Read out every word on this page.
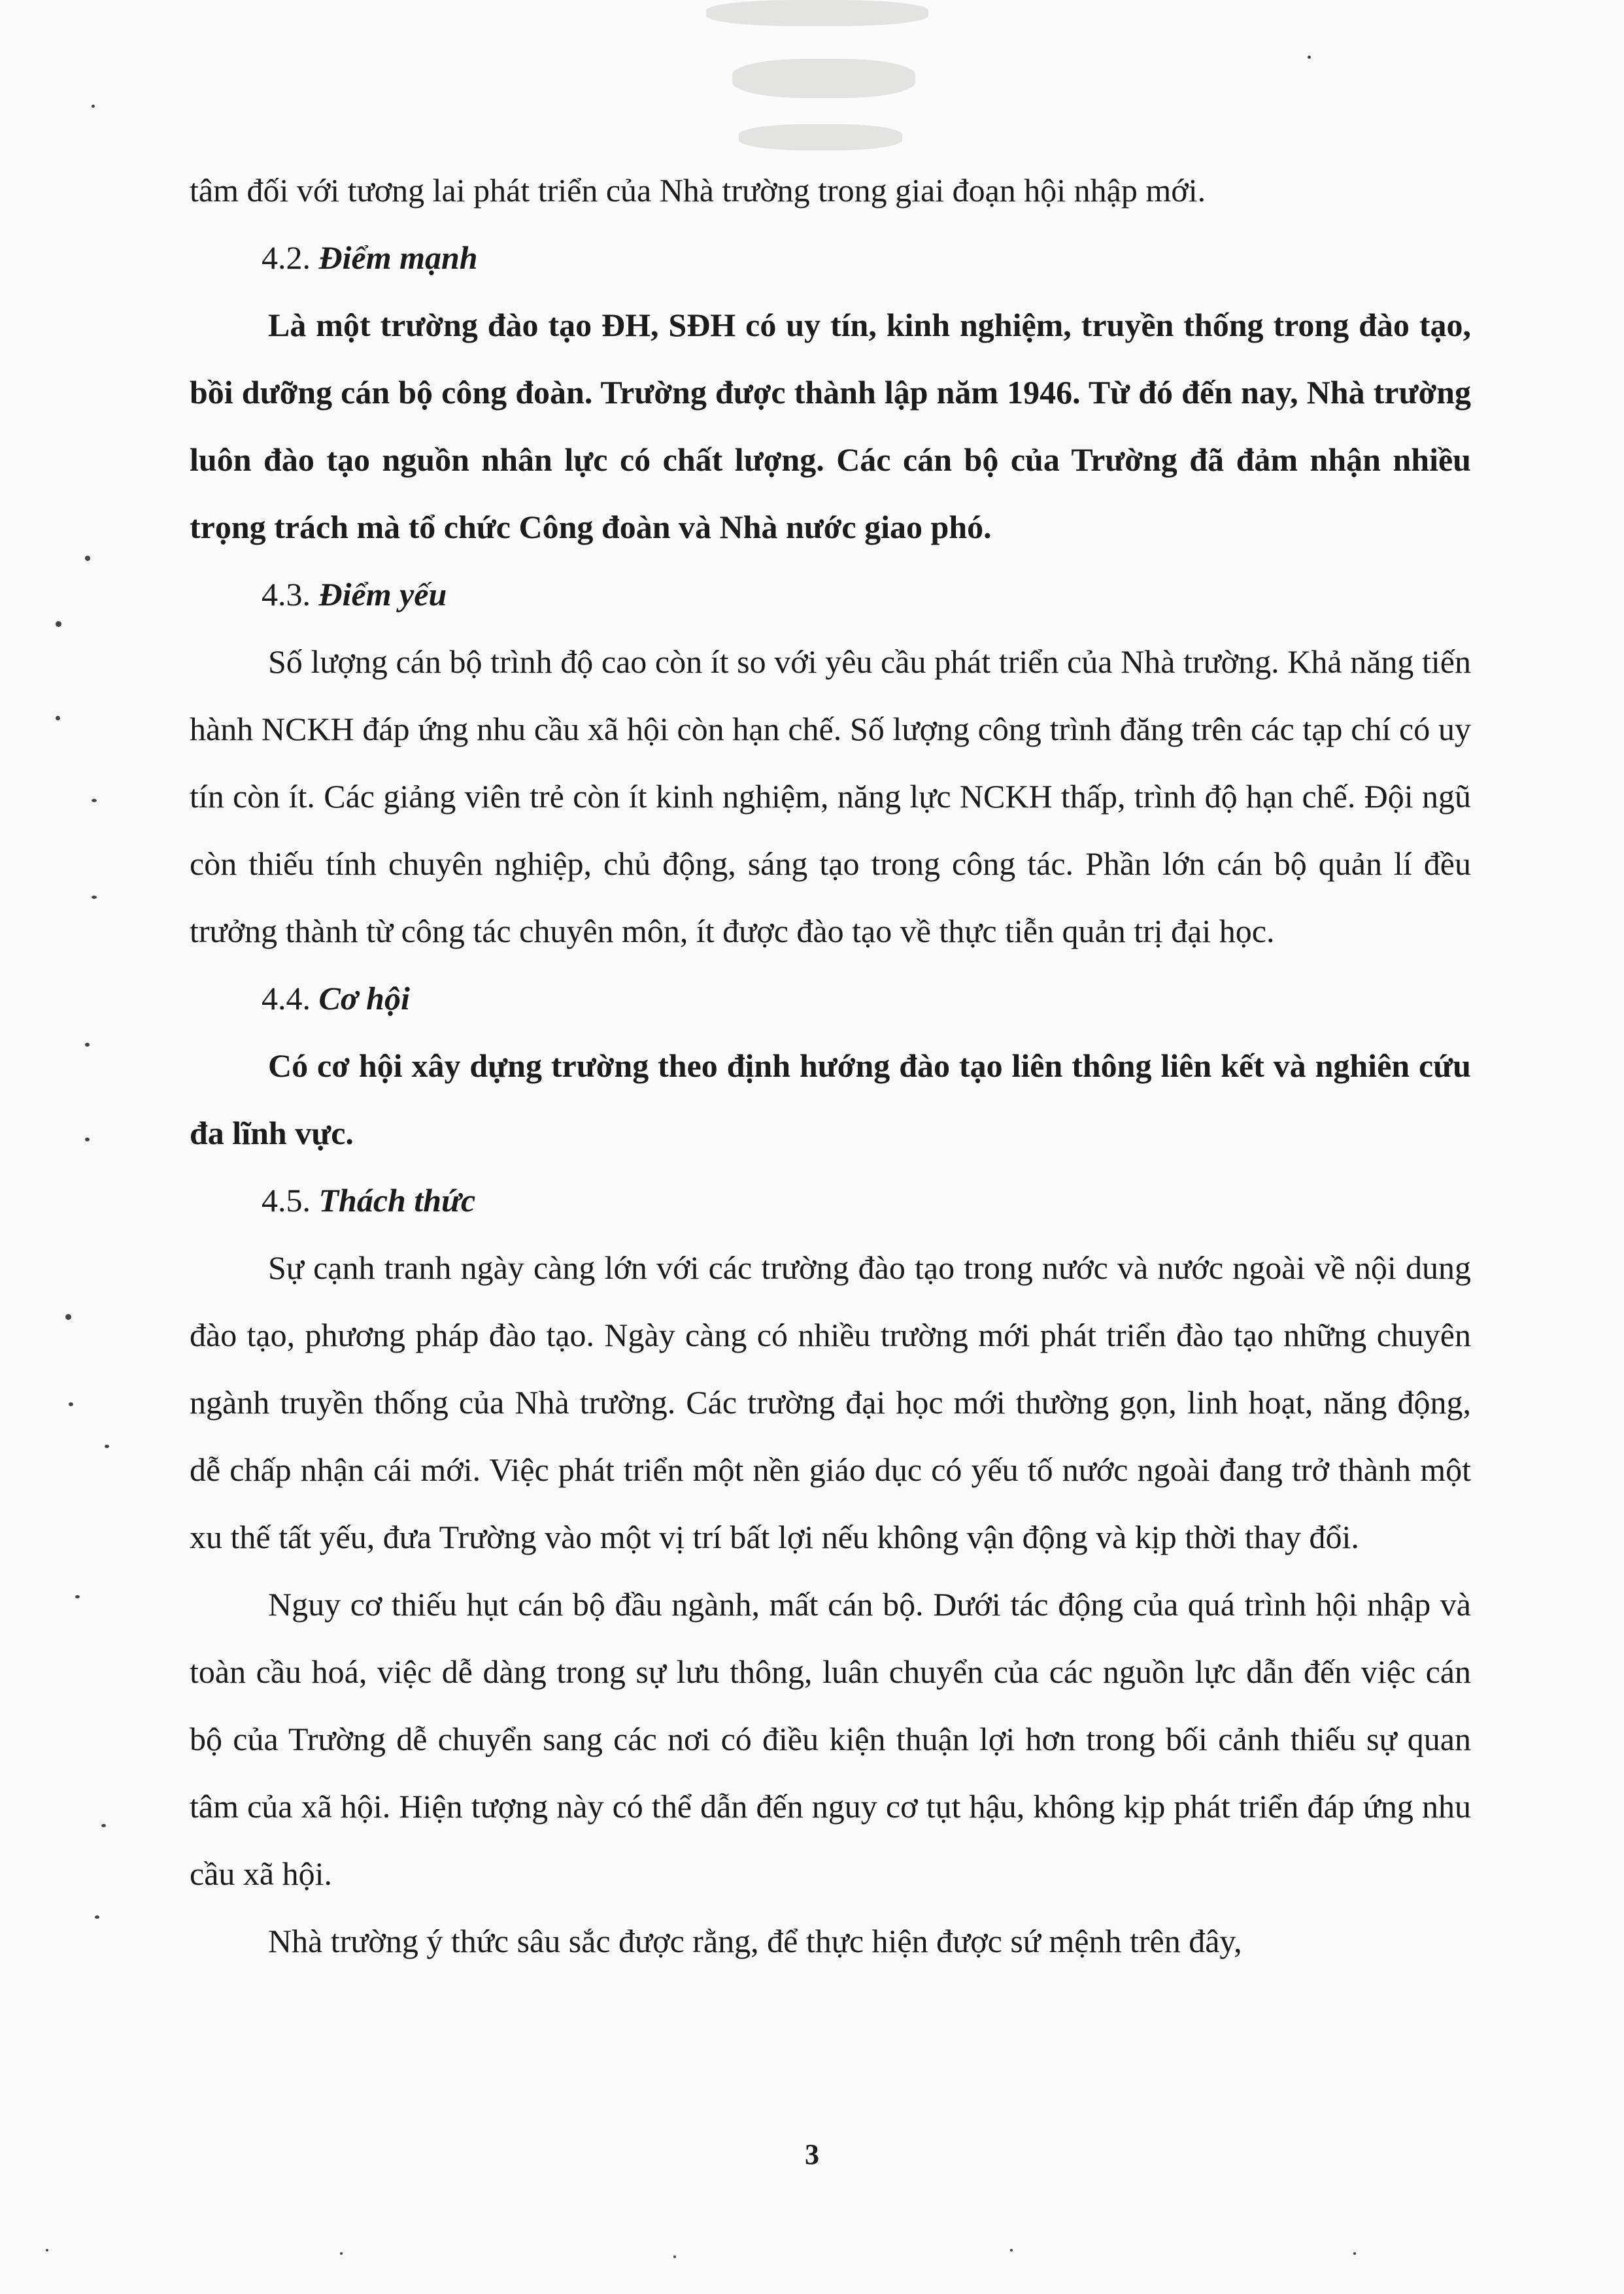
tâm đối với tương lai phát triển của Nhà trường trong giai đoạn hội nhập mới.

4.2. Điểm mạnh

Là một trường đào tạo ĐH, SĐH có uy tín, kinh nghiệm, truyền thống trong đào tạo, bồi dưỡng cán bộ công đoàn. Trường được thành lập năm 1946. Từ đó đến nay, Nhà trường luôn đào tạo nguồn nhân lực có chất lượng. Các cán bộ của Trường đã đảm nhận nhiều trọng trách mà tổ chức Công đoàn và Nhà nước giao phó.

4.3. Điểm yếu

Số lượng cán bộ trình độ cao còn ít so với yêu cầu phát triển của Nhà trường. Khả năng tiến hành NCKH đáp ứng nhu cầu xã hội còn hạn chế. Số lượng công trình đăng trên các tạp chí có uy tín còn ít. Các giảng viên trẻ còn ít kinh nghiệm, năng lực NCKH thấp, trình độ hạn chế. Đội ngũ còn thiếu tính chuyên nghiệp, chủ động, sáng tạo trong công tác. Phần lớn cán bộ quản lí đều trưởng thành từ công tác chuyên môn, ít được đào tạo về thực tiễn quản trị đại học.

4.4. Cơ hội

Có cơ hội xây dựng trường theo định hướng đào tạo liên thông liên kết và nghiên cứu đa lĩnh vực.

4.5. Thách thức

Sự cạnh tranh ngày càng lớn với các trường đào tạo trong nước và nước ngoài về nội dung đào tạo, phương pháp đào tạo. Ngày càng có nhiều trường mới phát triển đào tạo những chuyên ngành truyền thống của Nhà trường. Các trường đại học mới thường gọn, linh hoạt, năng động, dễ chấp nhận cái mới. Việc phát triển một nền giáo dục có yếu tố nước ngoài đang trở thành một xu thế tất yếu, đưa Trường vào một vị trí bất lợi nếu không vận động và kịp thời thay đổi.

Nguy cơ thiếu hụt cán bộ đầu ngành, mất cán bộ. Dưới tác động của quá trình hội nhập và toàn cầu hoá, việc dễ dàng trong sự lưu thông, luân chuyển của các nguồn lực dẫn đến việc cán bộ của Trường dễ chuyển sang các nơi có điều kiện thuận lợi hơn trong bối cảnh thiếu sự quan tâm của xã hội. Hiện tượng này có thể dẫn đến nguy cơ tụt hậu, không kịp phát triển đáp ứng nhu cầu xã hội.

Nhà trường ý thức sâu sắc được rằng, để thực hiện được sứ mệnh trên đây,

3
